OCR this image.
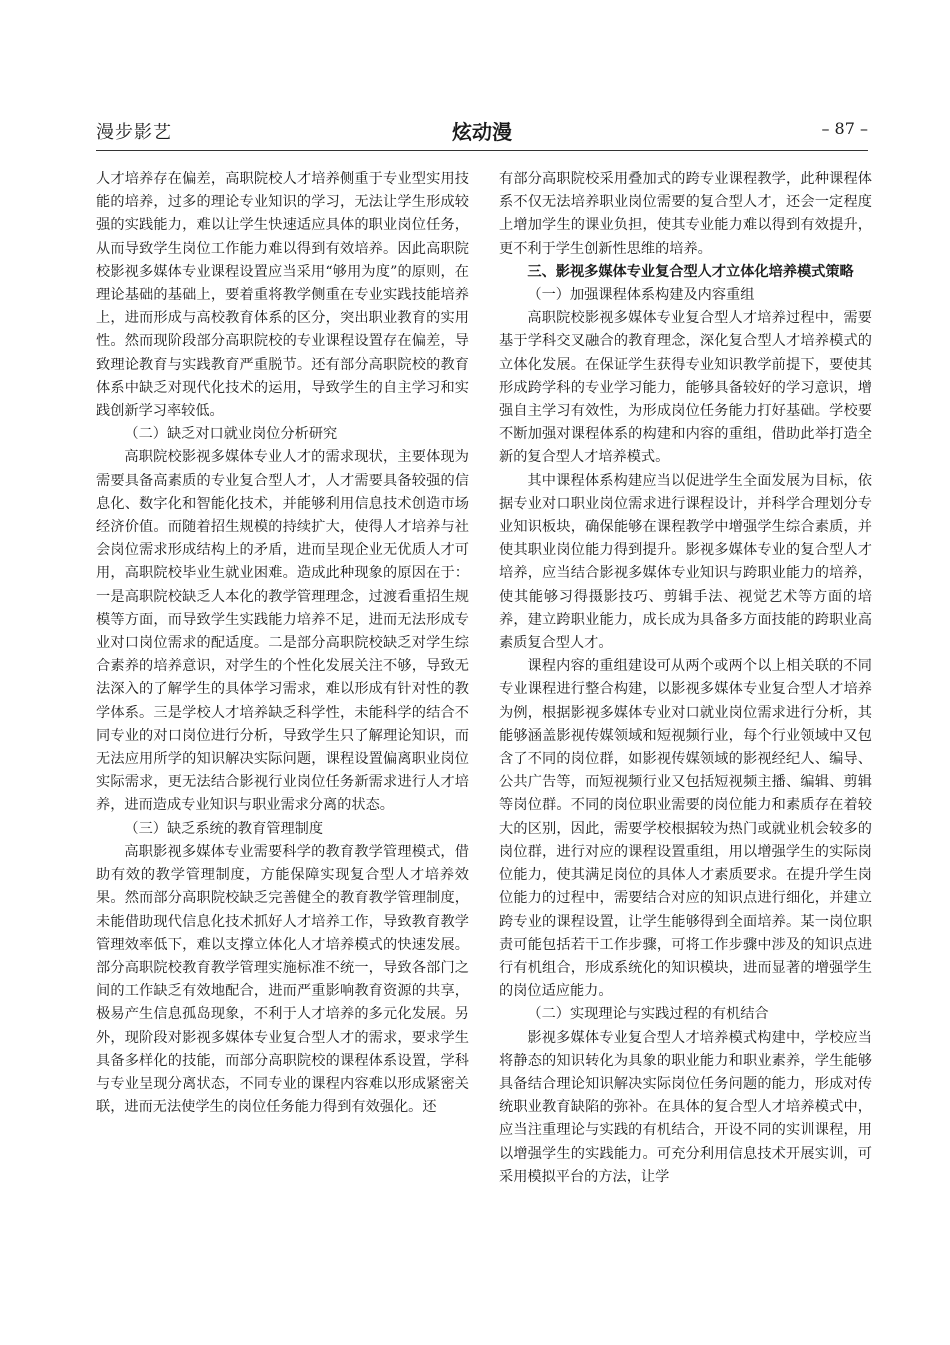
漫步影艺	炫动漫	– 87 –

人才培养存在偏差，高职院校人才培养侧重于专业型实用技能的培养，过多的理论专业知识的学习，无法让学生形成较强的实践能力，难以让学生快速适应具体的职业岗位任务，从而导致学生岗位工作能力难以得到有效培养。因此高职院校影视多媒体专业课程设置应当采用“够用为度”的原则，在理论基础的基础上，要着重将教学侧重在专业实践技能培养上，进而形成与高校教育体系的区分，突出职业教育的实用性。然而现阶段部分高职院校的专业课程设置存在偏差，导致理论教育与实践教育严重脱节。还有部分高职院校的教育体系中缺乏对现代化技术的运用，导致学生的自主学习和实践创新学习率较低。

（二）缺乏对口就业岗位分析研究

高职院校影视多媒体专业人才的需求现状，主要体现为需要具备高素质的专业复合型人才，人才需要具备较强的信息化、数字化和智能化技术，并能够利用信息技术创造市场经济价值。而随着招生规模的持续扩大，使得人才培养与社会岗位需求形成结构上的矛盾，进而呈现企业无优质人才可用，高职院校毕业生就业困难。造成此种现象的原因在于：一是高职院校缺乏人本化的教学管理理念，过渡看重招生规模等方面，而导致学生实践能力培养不足，进而无法形成专业对口岗位需求的配适度。二是部分高职院校缺乏对学生综合素养的培养意识，对学生的个性化发展关注不够，导致无法深入的了解学生的具体学习需求，难以形成有针对性的教学体系。三是学校人才培养缺乏科学性，未能科学的结合不同专业的对口岗位进行分析，导致学生只了解理论知识，而无法应用所学的知识解决实际问题，课程设置偏离职业岗位实际需求，更无法结合影视行业岗位任务新需求进行人才培养，进而造成专业知识与职业需求分离的状态。

（三）缺乏系统的教育管理制度

高职影视多媒体专业需要科学的教育教学管理模式，借助有效的教学管理制度，方能保障实现复合型人才培养效果。然而部分高职院校缺乏完善健全的教育教学管理制度，未能借助现代信息化技术抓好人才培养工作，导致教育教学管理效率低下，难以支撑立体化人才培养模式的快速发展。部分高职院校教育教学管理实施标准不统一，导致各部门之间的工作缺乏有效地配合，进而严重影响教育资源的共享，极易产生信息孤岛现象，不利于人才培养的多元化发展。另外，现阶段对影视多媒体专业复合型人才的需求，要求学生具备多样化的技能，而部分高职院校的课程体系设置，学科与专业呈现分离状态，不同专业的课程内容难以形成紧密关联，进而无法使学生的岗位任务能力得到有效强化。还

有部分高职院校采用叠加式的跨专业课程教学，此种课程体系不仅无法培养职业岗位需要的复合型人才，还会一定程度上增加学生的课业负担，使其专业能力难以得到有效提升，更不利于学生创新性思维的培养。

三、影视多媒体专业复合型人才立体化培养模式策略
（一）加强课程体系构建及内容重组

高职院校影视多媒体专业复合型人才培养过程中，需要基于学科交叉融合的教育理念，深化复合型人才培养模式的立体化发展。在保证学生获得专业知识教学前提下，要使其形成跨学科的专业学习能力，能够具备较好的学习意识，增强自主学习有效性，为形成岗位任务能力打好基础。学校要不断加强对课程体系的构建和内容的重组，借助此举打造全新的复合型人才培养模式。

其中课程体系构建应当以促进学生全面发展为目标，依据专业对口职业岗位需求进行课程设计，并科学合理划分专业知识板块，确保能够在课程教学中增强学生综合素质，并使其职业岗位能力得到提升。影视多媒体专业的复合型人才培养，应当结合影视多媒体专业知识与跨职业能力的培养，使其能够习得摄影技巧、剪辑手法、视觉艺术等方面的培养，建立跨职业能力，成长成为具备多方面技能的跨职业高素质复合型人才。

课程内容的重组建设可从两个或两个以上相关联的不同专业课程进行整合构建，以影视多媒体专业复合型人才培养为例，根据影视多媒体专业对口就业岗位需求进行分析，其能够涵盖影视传媒领域和短视频行业，每个行业领域中又包含了不同的岗位群，如影视传媒领域的影视经纪人、编导、公共广告等，而短视频行业又包括短视频主播、编辑、剪辑等岗位群。不同的岗位职业需要的岗位能力和素质存在着较大的区别，因此，需要学校根据较为热门或就业机会较多的岗位群，进行对应的课程设置重组，用以增强学生的实际岗位能力，使其满足岗位的具体人才素质要求。在提升学生岗位能力的过程中，需要结合对应的知识点进行细化，并建立跨专业的课程设置，让学生能够得到全面培养。某一岗位职责可能包括若干工作步骤，可将工作步骤中涉及的知识点进行有机组合，形成系统化的知识模块，进而显著的增强学生的岗位适应能力。

（二）实现理论与实践过程的有机结合

影视多媒体专业复合型人才培养模式构建中，学校应当将静态的知识转化为具象的职业能力和职业素养，学生能够具备结合理论知识解决实际岗位任务问题的能力，形成对传统职业教育缺陷的弥补。在具体的复合型人才培养模式中，应当注重理论与实践的有机结合，开设不同的实训课程，用以增强学生的实践能力。可充分利用信息技术开展实训，可采用模拟平台的方法，让学
